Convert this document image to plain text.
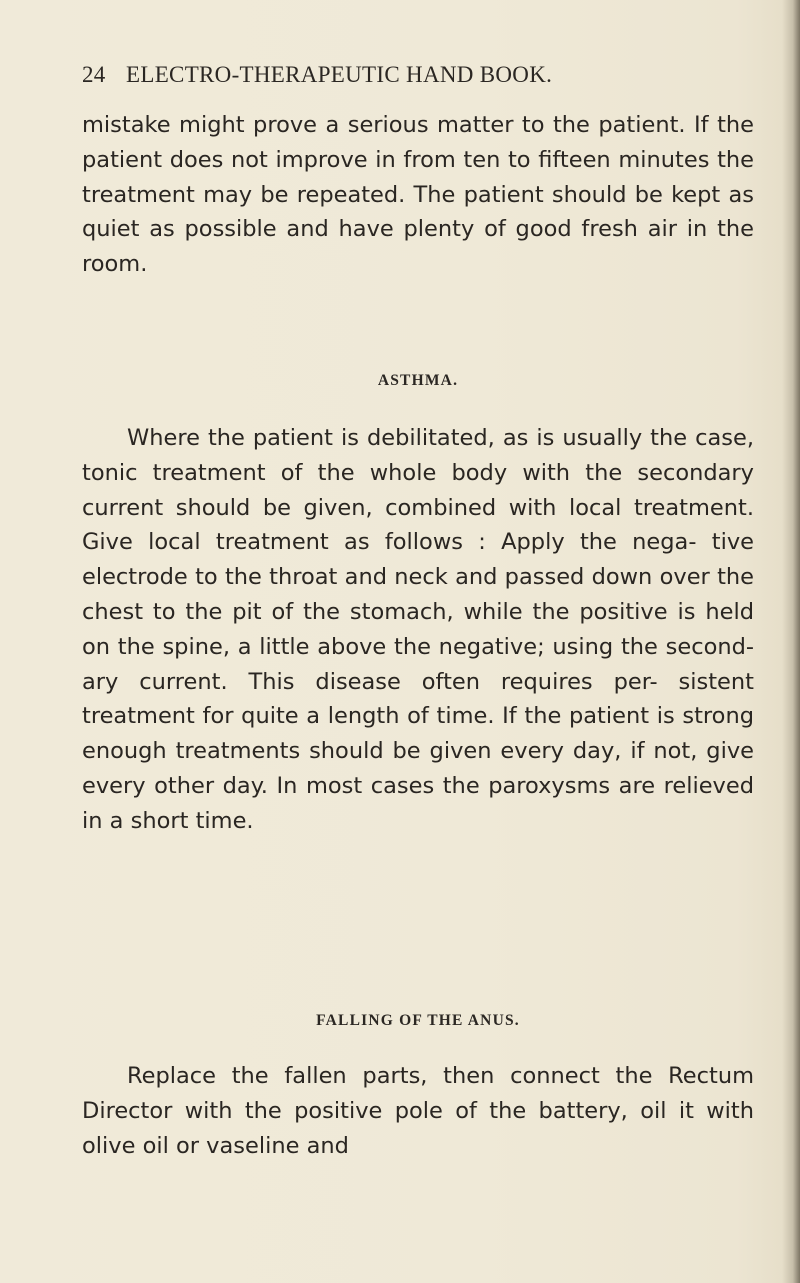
24 ELECTRO-THERAPEUTIC HAND BOOK.

mistake might prove a serious matter to the patient. If the patient does not improve in from ten to fifteen minutes the treatment may be repeated. The patient should be kept as quiet as possible and have plenty of good fresh air in the room.

ASTHMA.

Where the patient is debilitated, as is usually the case, tonic treatment of the whole body with the secondary current should be given, combined with local treatment. Give local treatment as follows : Apply the nega- tive electrode to the throat and neck and passed down over the chest to the pit of the stomach, while the positive is held on the spine, a little above the negative; using the second- ary current. This disease often requires per- sistent treatment for quite a length of time. If the patient is strong enough treatments should be given every day, if not, give every other day. In most cases the paroxysms are relieved in a short time.

FALLING OF THE ANUS.

Replace the fallen parts, then connect the Rectum Director with the positive pole of the battery, oil it with olive oil or vaseline and
